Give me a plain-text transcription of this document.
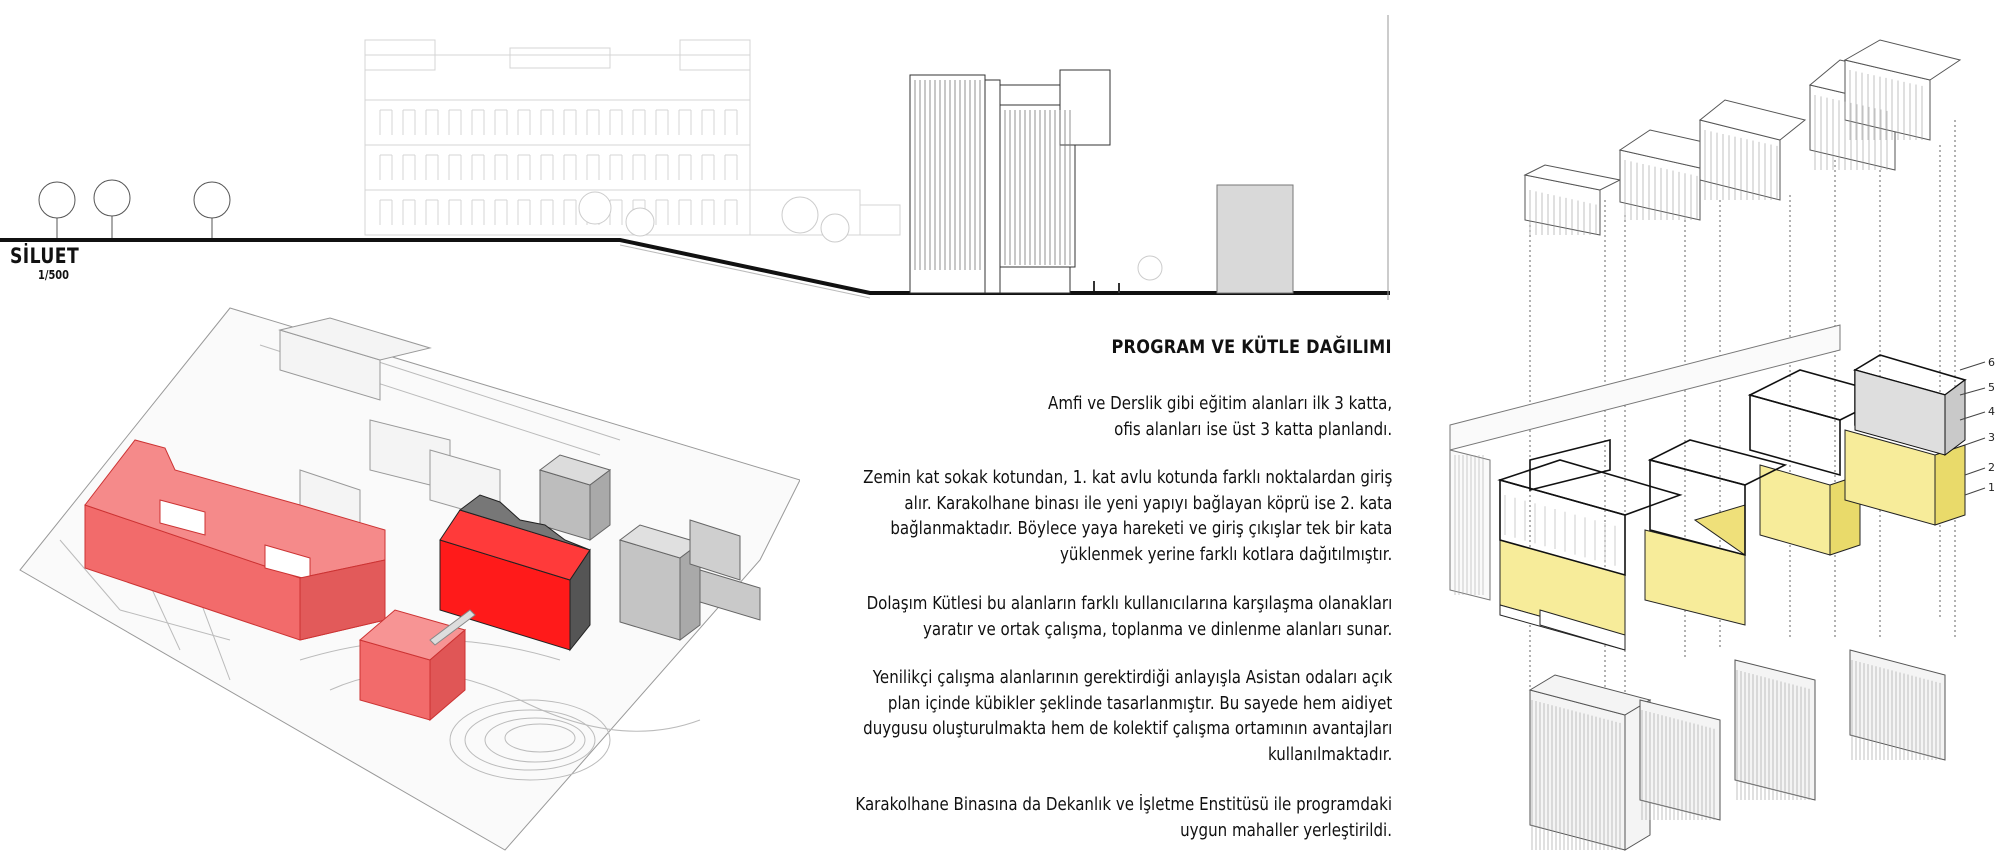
SİLUET
1/500
PROGRAM VE KÜTLE DAĞILIMI
Amfi ve Derslik gibi eğitim alanları ilk 3 katta,
ofis alanları ise üst 3 katta planlandı.
Zemin kat sokak kotundan, 1. kat avlu kotunda farklı noktalardan giriş
alır. Karakolhane binası ile yeni yapıyı bağlayan köprü ise 2. kata
bağlanmaktadır. Böylece yaya hareketi ve giriş çıkışlar tek bir kata
yüklenmek yerine farklı kotlara dağıtılmıştır.
Dolaşım Kütlesi bu alanların farklı kullanıcılarına karşılaşma olanakları
yaratır ve ortak çalışma, toplanma ve dinlenme alanları sunar.
Yenilikçi çalışma alanlarının gerektirdiği anlayışla Asistan odaları açık
plan içinde kübikler şeklinde tasarlanmıştır. Bu sayede hem aidiyet
duygusu oluşturulmakta hem de kolektif çalışma ortamının avantajları
kullanılmaktadır.
Karakolhane Binasına da Dekanlık ve İşletme Enstitüsü ile programdaki
uygun mahaller yerleştirildi.
6
5
4
3
2
1
